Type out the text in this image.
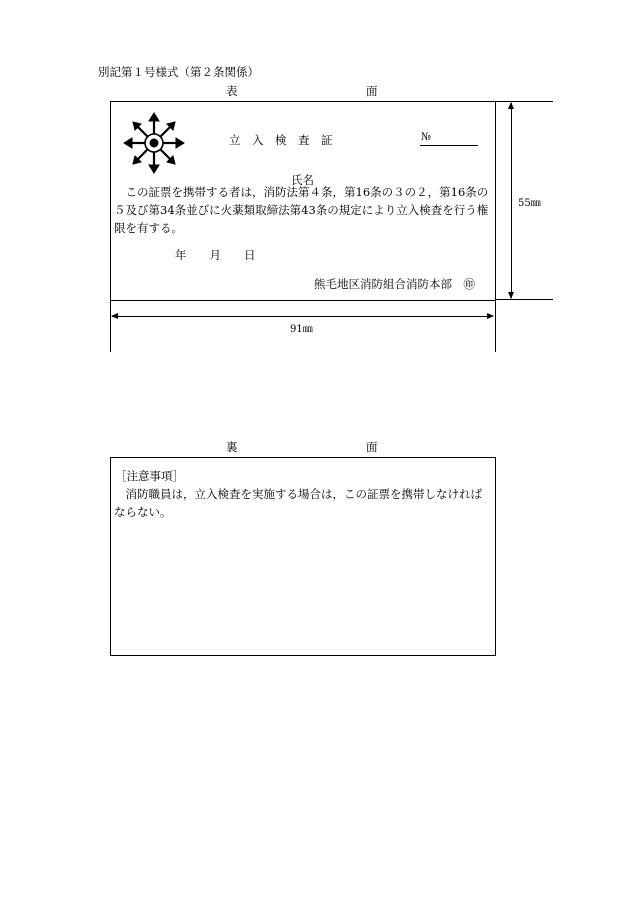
別記第１号様式（第２条関係）
表	面
立　入　検　査　証	№
氏名
　この証票を携帯する者は，消防法第４条，第16条の３の２，第16条の５及び第34条並びに火薬類取締法第43条の規定により立入検査を行う権限を有する。
年　　月　　日
熊毛地区消防組合消防本部　㊞
55㎜
91㎜
裏	面
［注意事項］
　消防職員は，立入検査を実施する場合は，この証票を携帯しなければならない。
